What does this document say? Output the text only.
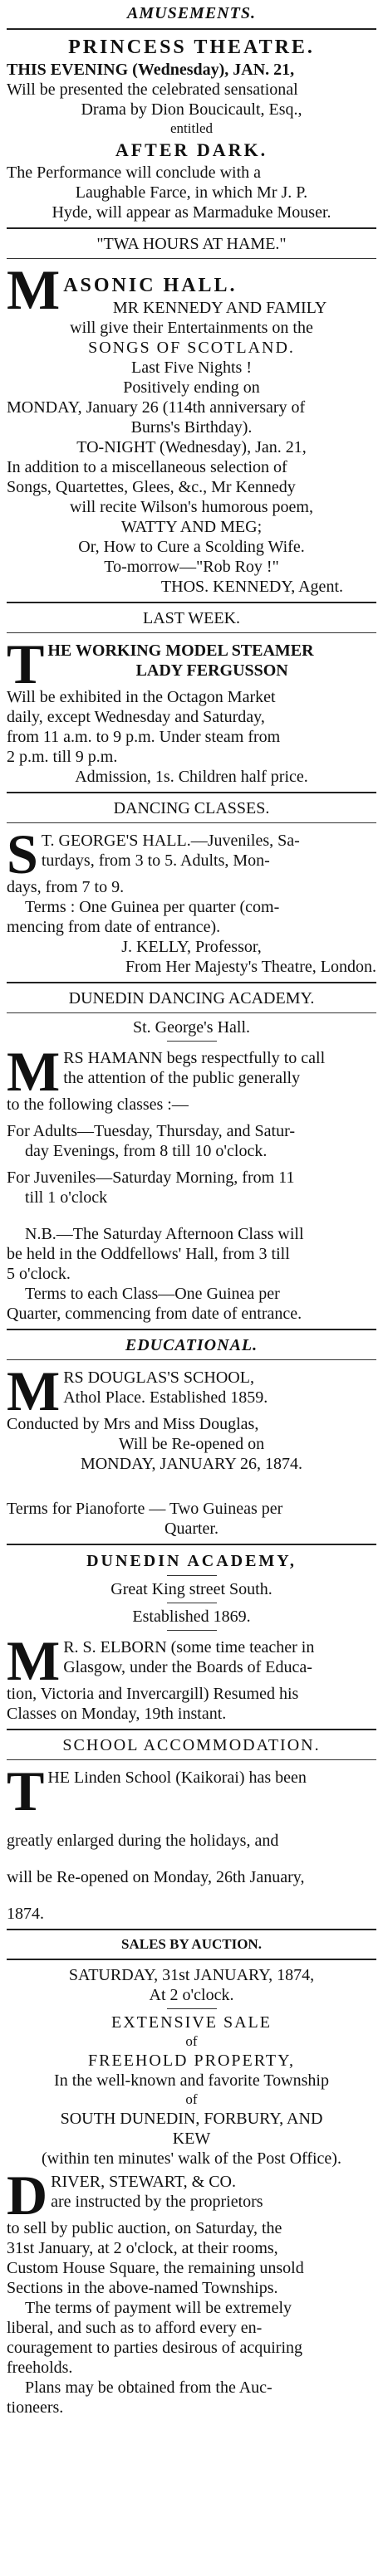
AMUSEMENTS.
PRINCESS THEATRE.
THIS EVENING (Wednesday), JAN. 21,
Will be presented the celebrated sensational
Drama by Dion Boucicault, Esq.,
entitled
AFTER DARK.
The Performance will conclude with a
Laughable Farce, in which Mr J. P.
Hyde, will appear as Marmaduke Mouser.
"TWA HOURS AT HAME."
M ASONIC HALL.
MR KENNEDY AND FAMILY
will give their Entertainments on the
SONGS OF SCOTLAND.
Last Five Nights !
Positively ending on
MONDAY, January 26 (114th anniversary of
Burns's Birthday).
TO-NIGHT (Wednesday), Jan. 21,
In addition to a miscellaneous selection of
Songs, Quartettes, Glees, &c., Mr Kennedy
will recite Wilson's humorous poem,
WATTY AND MEG;
Or, How to Cure a Scolding Wife.
To-morrow—"Rob Roy !"
THOS. KENNEDY, Agent.
LAST WEEK.
T HE WORKING MODEL STEAMER
LADY FERGUSSON
Will be exhibited in the Octagon Market
daily, except Wednesday and Saturday,
from 11 a.m. to 9 p.m. Under steam from
2 p.m. till 9 p.m.
Admission, 1s. Children half price.
DANCING CLASSES.
S T. GEORGE'S HALL.—Juveniles, Sa-
turdays, from 3 to 5. Adults, Mon-
days, from 7 to 9.
Terms : One Guinea per quarter (com-
mencing from date of entrance).
J. KELLY, Professor,
From Her Majesty's Theatre, London.
DUNEDIN DANCING ACADEMY.
St. George's Hall.
M RS HAMANN begs respectfully to call
the attention of the public generally
to the following classes :—
For Adults—Tuesday, Thursday, and Satur-
day Evenings, from 8 till 10 o'clock.
For Juveniles—Saturday Morning, from 11
till 1 o'clock
N.B.—The Saturday Afternoon Class will
be held in the Oddfellows' Hall, from 3 till
5 o'clock.
Terms to each Class—One Guinea per
Quarter, commencing from date of entrance.
EDUCATIONAL.
M RS DOUGLAS'S SCHOOL,
Athol Place. Established 1859.
Conducted by Mrs and Miss Douglas,
Will be Re-opened on
MONDAY, JANUARY 26, 1874.
Terms for Pianoforte — Two Guineas per
Quarter.
DUNEDIN ACADEMY,
Great King street South.
Established 1869.
M R. S. ELBORN (some time teacher in
Glasgow, under the Boards of Educa-
tion, Victoria and Invercargill) Resumed his
Classes on Monday, 19th instant.
SCHOOL ACCOMMODATION.
T HE Linden School (Kaikorai) has been
greatly enlarged during the holidays, and
will be Re-opened on Monday, 26th January,
1874.
SALES BY AUCTION.
SATURDAY, 31st JANUARY, 1874,
At 2 o'clock.
EXTENSIVE SALE
of
FREEHOLD PROPERTY,
In the well-known and favorite Township
of
SOUTH DUNEDIN, FORBURY, AND
KEW
(within ten minutes' walk of the Post Office).
D RIVER, STEWART, & CO.
are instructed by the proprietors
to sell by public auction, on Saturday, the
31st January, at 2 o'clock, at their rooms,
Custom House Square, the remaining unsold
Sections in the above-named Townships.
The terms of payment will be extremely
liberal, and such as to afford every en-
couragement to parties desirous of acquiring
freeholds.
Plans may be obtained from the Auc-
tioneers.
